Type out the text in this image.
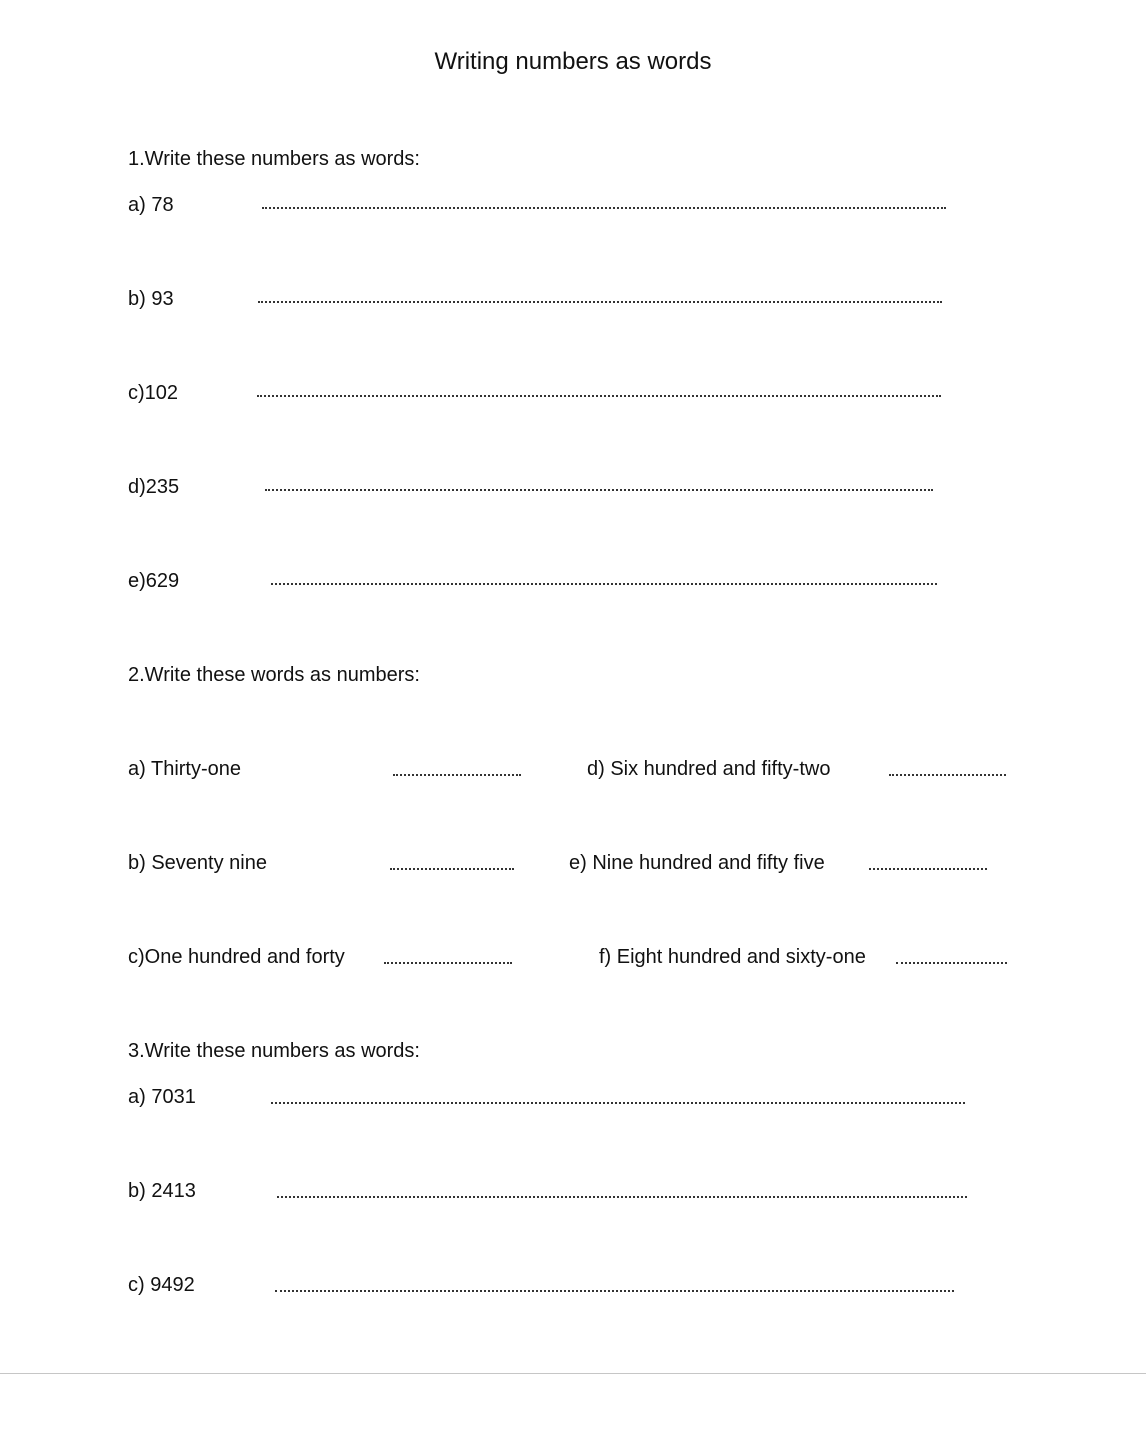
Writing numbers as words
1.Write these numbers as words:
a) 78
b) 93
c)102
d)235
e)629
2.Write these words as numbers:
a) Thirty-one	d) Six hundred and fifty-two
b) Seventy nine	e) Nine hundred and fifty five
c)One hundred and forty	f) Eight hundred and sixty-one
3.Write these numbers as words:
a) 7031
b) 2413
c) 9492
